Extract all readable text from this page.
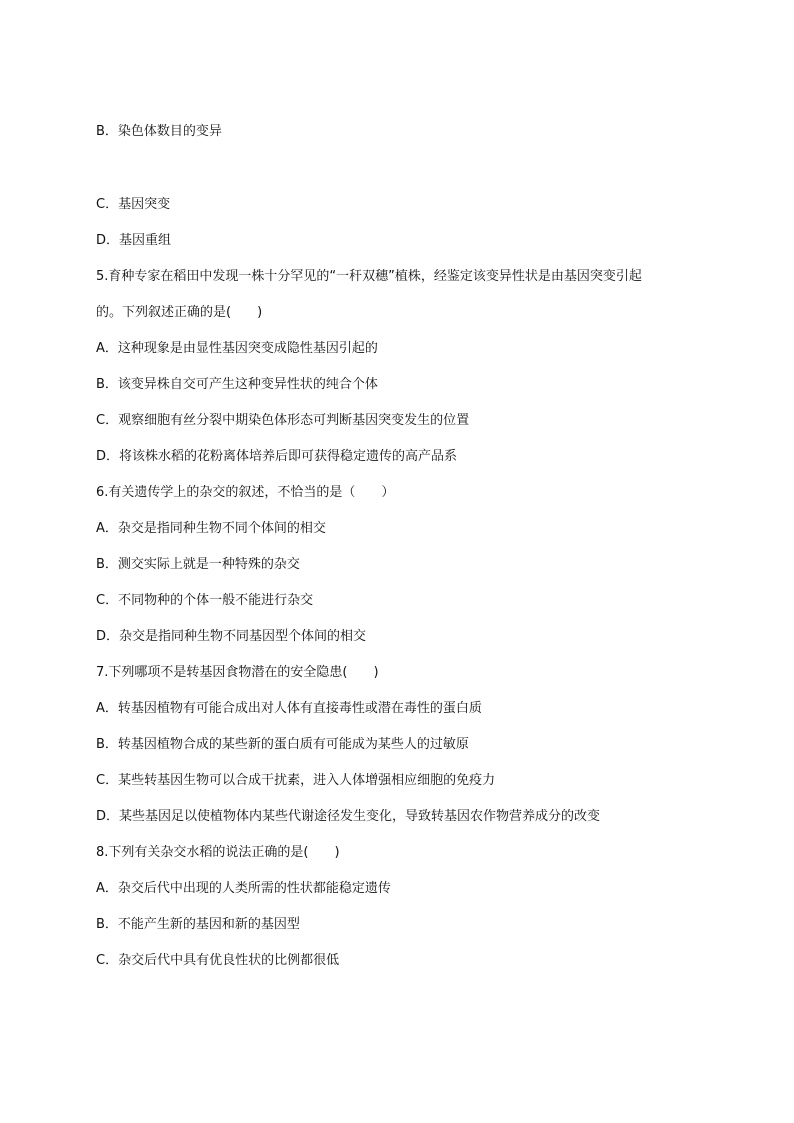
B．染色体数目的变异
C．基因突变
D．基因重组
5.育种专家在稻田中发现一株十分罕见的“一秆双穗”植株，经鉴定该变异性状是由基因突变引起
的。下列叙述正确的是(　　)
A．这种现象是由显性基因突变成隐性基因引起的
B．该变异株自交可产生这种变异性状的纯合个体
C．观察细胞有丝分裂中期染色体形态可判断基因突变发生的位置
D．将该株水稻的花粉离体培养后即可获得稳定遗传的高产品系
6.有关遗传学上的杂交的叙述，不恰当的是（　　）
A．杂交是指同种生物不同个体间的相交
B．测交实际上就是一种特殊的杂交
C．不同物种的个体一般不能进行杂交
D．杂交是指同种生物不同基因型个体间的相交
7.下列哪项不是转基因食物潜在的安全隐患(　　)
A．转基因植物有可能合成出对人体有直接毒性或潜在毒性的蛋白质
B．转基因植物合成的某些新的蛋白质有可能成为某些人的过敏原
C．某些转基因生物可以合成干扰素，进入人体增强相应细胞的免疫力
D．某些基因足以使植物体内某些代谢途径发生变化，导致转基因农作物营养成分的改变
8.下列有关杂交水稻的说法正确的是(　　)
A．杂交后代中出现的人类所需的性状都能稳定遗传
B．不能产生新的基因和新的基因型
C．杂交后代中具有优良性状的比例都很低
